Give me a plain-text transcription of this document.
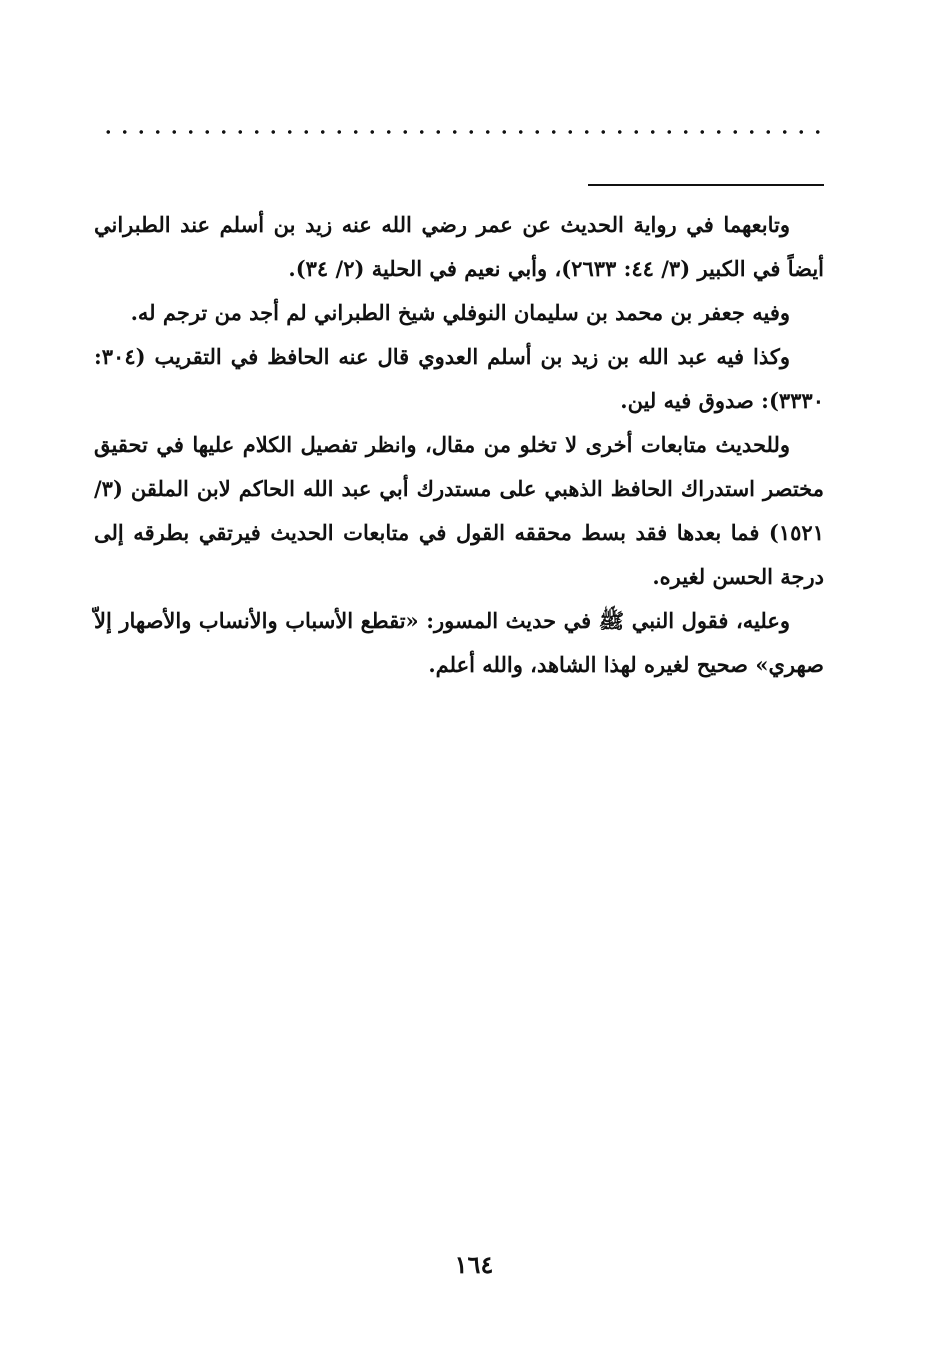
وتابعهما في رواية الحديث عن عمر رضي الله عنه زيد بن أسلم عند الطبراني أيضاً في الكبير (٣/ ٤٤: ٢٦٣٣)، وأبي نعيم في الحلية (٢/ ٣٤).

وفيه جعفر بن محمد بن سليمان النوفلي شيخ الطبراني لم أجد من ترجم له.

وكذا فيه عبد الله بن زيد بن أسلم العدوي قال عنه الحافظ في التقريب (٣٠٤: ٣٣٣٠): صدوق فيه لين.

وللحديث متابعات أخرى لا تخلو من مقال، وانظر تفصيل الكلام عليها في تحقيق مختصر استدراك الحافظ الذهبي على مستدرك أبي عبد الله الحاكم لابن الملقن (٣/ ١٥٢١) فما بعدها فقد بسط محققه القول في متابعات الحديث فيرتقي بطرقه إلى درجة الحسن لغيره.

وعليه، فقول النبي ﷺ في حديث المسور: «تقطع الأسباب والأنساب والأصهار إلاّ صهري» صحيح لغيره لهذا الشاهد، والله أعلم.

١٦٤
